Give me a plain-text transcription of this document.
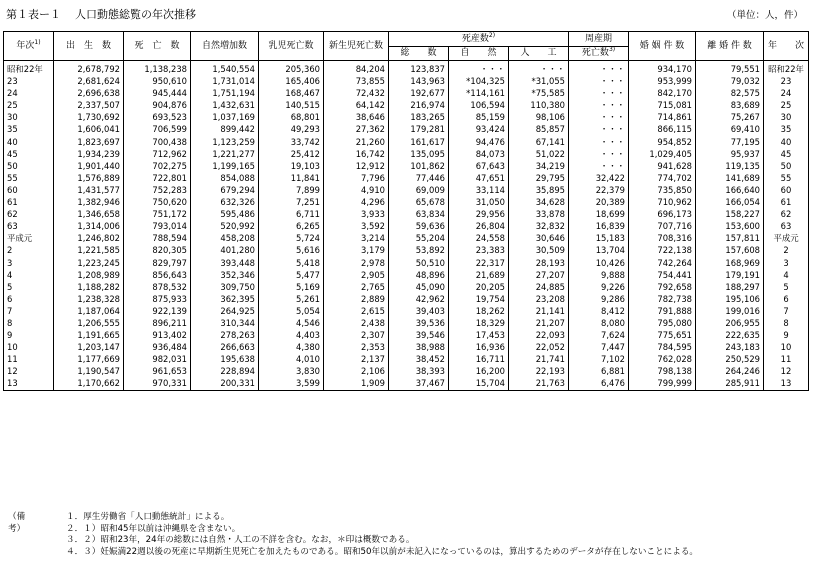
第１表ー１ 人口動態総覧の年次推移	（単位：人，件）
年次$^{1)}$	出　生　数	死　亡　数	自然増加数	乳児死亡数	新生児死亡数	死産数$^{2)}$			周産期	婚 姻 件 数	離 婚 件 数	年　　次
						総　　数	自　　然	人　　工	死亡数$^{3)}$
昭和22年	2,678,792	1,138,238	1,540,554	205,360	84,204	123,837	・・・	・・・	・・・	934,170	79,551	昭和22年
23	2,681,624	950,610	1,731,014	165,406	73,855	143,963	*104,325	*31,055	・・・	953,999	79,032	23
24	2,696,638	945,444	1,751,194	168,467	72,432	192,677	*114,161	*75,585	・・・	842,170	82,575	24
25	2,337,507	904,876	1,432,631	140,515	64,142	216,974	106,594	110,380	・・・	715,081	83,689	25
30	1,730,692	693,523	1,037,169	68,801	38,646	183,265	85,159	98,106	・・・	714,861	75,267	30
35	1,606,041	706,599	899,442	49,293	27,362	179,281	93,424	85,857	・・・	866,115	69,410	35
40	1,823,697	700,438	1,123,259	33,742	21,260	161,617	94,476	67,141	・・・	954,852	77,195	40
45	1,934,239	712,962	1,221,277	25,412	16,742	135,095	84,073	51,022	・・・	1,029,405	95,937	45
50	1,901,440	702,275	1,199,165	19,103	12,912	101,862	67,643	34,219	・・・	941,628	119,135	50
55	1,576,889	722,801	854,088	11,841	7,796	77,446	47,651	29,795	32,422	774,702	141,689	55
60	1,431,577	752,283	679,294	7,899	4,910	69,009	33,114	35,895	22,379	735,850	166,640	60
61	1,382,946	750,620	632,326	7,251	4,296	65,678	31,050	34,628	20,389	710,962	166,054	61
62	1,346,658	751,172	595,486	6,711	3,933	63,834	29,956	33,878	18,699	696,173	158,227	62
63	1,314,006	793,014	520,992	6,265	3,592	59,636	26,804	32,832	16,839	707,716	153,600	63
平成元	1,246,802	788,594	458,208	5,724	3,214	55,204	24,558	30,646	15,183	708,316	157,811	平成元
2	1,221,585	820,305	401,280	5,616	3,179	53,892	23,383	30,509	13,704	722,138	157,608	2
3	1,223,245	829,797	393,448	5,418	2,978	50,510	22,317	28,193	10,426	742,264	168,969	3
4	1,208,989	856,643	352,346	5,477	2,905	48,896	21,689	27,207	9,888	754,441	179,191	4
5	1,188,282	878,532	309,750	5,169	2,765	45,090	20,205	24,885	9,226	792,658	188,297	5
6	1,238,328	875,933	362,395	5,261	2,889	42,962	19,754	23,208	9,286	782,738	195,106	6
7	1,187,064	922,139	264,925	5,054	2,615	39,403	18,262	21,141	8,412	791,888	199,016	7
8	1,206,555	896,211	310,344	4,546	2,438	39,536	18,329	21,207	8,080	795,080	206,955	8
9	1,191,665	913,402	278,263	4,403	2,307	39,546	17,453	22,093	7,624	775,651	222,635	9
10	1,203,147	936,484	266,663	4,380	2,353	38,988	16,936	22,052	7,447	784,595	243,183	10
11	1,177,669	982,031	195,638	4,010	2,137	38,452	16,711	21,741	7,102	762,028	250,529	11
12	1,190,547	961,653	228,894	3,830	2,106	38,393	16,200	22,193	6,881	798,138	264,246	12
13	1,170,662	970,331	200,331	3,599	1,909	37,467	15,704	21,763	6,476	799,999	285,911	13
（備考）
１．厚生労働省「人口動態統計」による。
２．１）昭和45年以前は沖縄県を含まない。
３．２）昭和23年，24年の総数には自然・人工の不詳を含む。なお，＊印は概数である。
４．３）妊娠満22週以後の死産に早期新生児死亡を加えたものである。昭和50年以前が未記入になっているのは，算出するためのデータが存在しないことによる。
